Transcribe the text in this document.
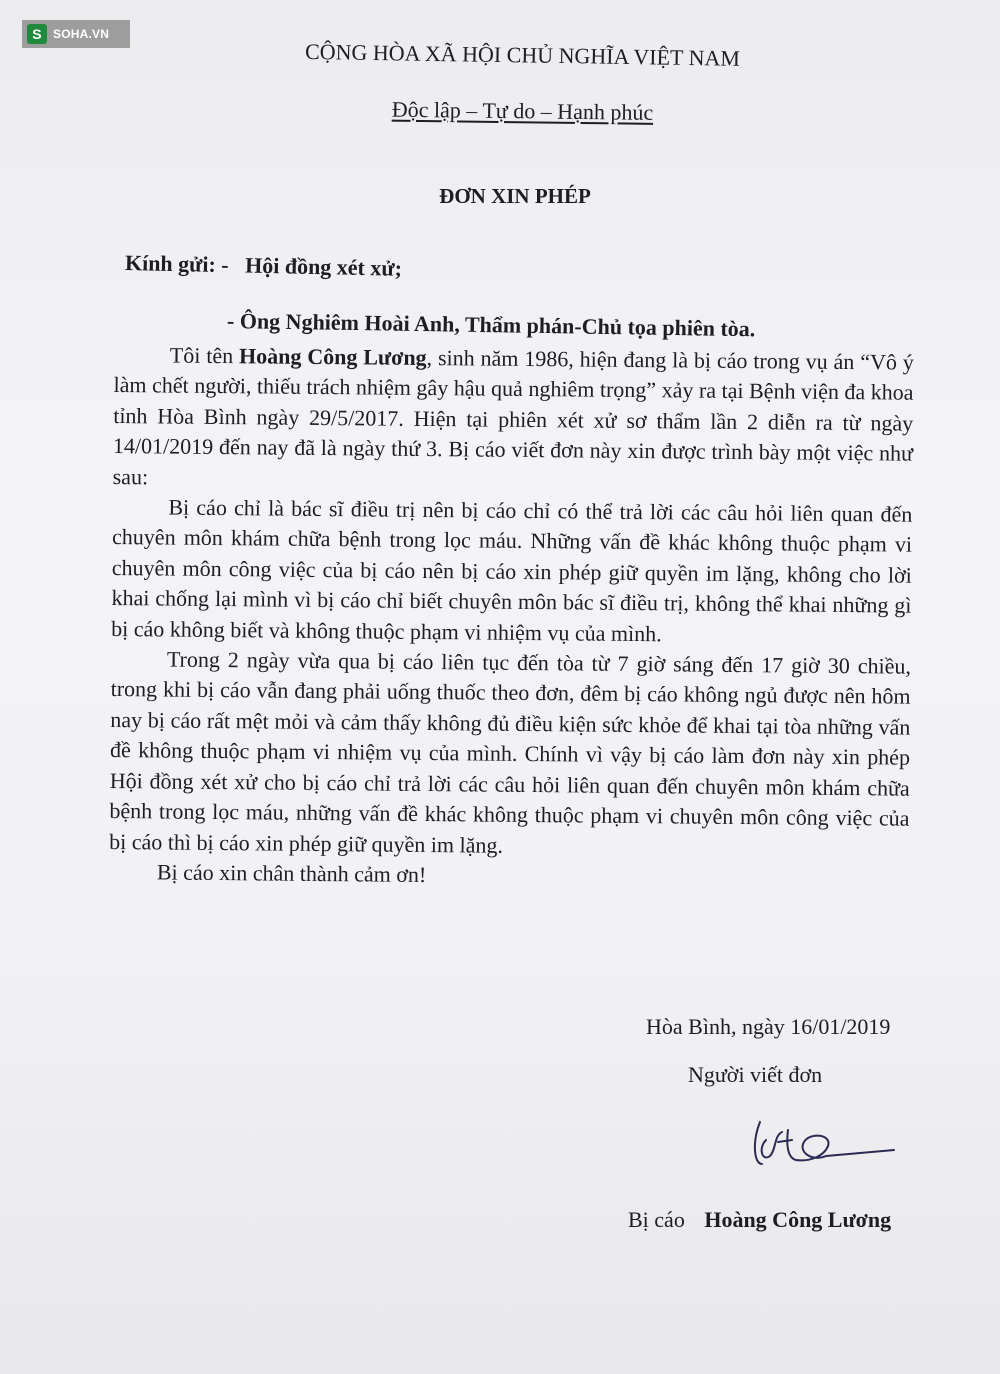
S SOHA.VN
CỘNG HÒA XÃ HỘI CHỦ NGHĨA VIỆT NAM
Độc lập – Tự do – Hạnh phúc
ĐƠN XIN PHÉP
Kính gửi: - Hội đồng xét xử;
- Ông Nghiêm Hoài Anh, Thẩm phán-Chủ tọa phiên tòa.

Tôi tên Hoàng Công Lương, sinh năm 1986, hiện đang là bị cáo trong vụ án “Vô ý làm chết người, thiếu trách nhiệm gây hậu quả nghiêm trọng” xảy ra tại Bệnh viện đa khoa tỉnh Hòa Bình ngày 29/5/2017. Hiện tại phiên xét xử sơ thẩm lần 2 diễn ra từ ngày 14/01/2019 đến nay đã là ngày thứ 3. Bị cáo viết đơn này xin được trình bày một việc như sau:

Bị cáo chỉ là bác sĩ điều trị nên bị cáo chỉ có thể trả lời các câu hỏi liên quan đến chuyên môn khám chữa bệnh trong lọc máu. Những vấn đề khác không thuộc phạm vi chuyên môn công việc của bị cáo nên bị cáo xin phép giữ quyền im lặng, không cho lời khai chống lại mình vì bị cáo chỉ biết chuyên môn bác sĩ điều trị, không thể khai những gì bị cáo không biết và không thuộc phạm vi nhiệm vụ của mình.

Trong 2 ngày vừa qua bị cáo liên tục đến tòa từ 7 giờ sáng đến 17 giờ 30 chiều, trong khi bị cáo vẫn đang phải uống thuốc theo đơn, đêm bị cáo không ngủ được nên hôm nay bị cáo rất mệt mỏi và cảm thấy không đủ điều kiện sức khỏe để khai tại tòa những vấn đề không thuộc phạm vi nhiệm vụ của mình. Chính vì vậy bị cáo làm đơn này xin phép Hội đồng xét xử cho bị cáo chỉ trả lời các câu hỏi liên quan đến chuyên môn khám chữa bệnh trong lọc máu, những vấn đề khác không thuộc phạm vi chuyên môn công việc của bị cáo thì bị cáo xin phép giữ quyền im lặng.

Bị cáo xin chân thành cảm ơn!

Hòa Bình, ngày 16/01/2019
Người viết đơn
Bị cáo Hoàng Công Lương
